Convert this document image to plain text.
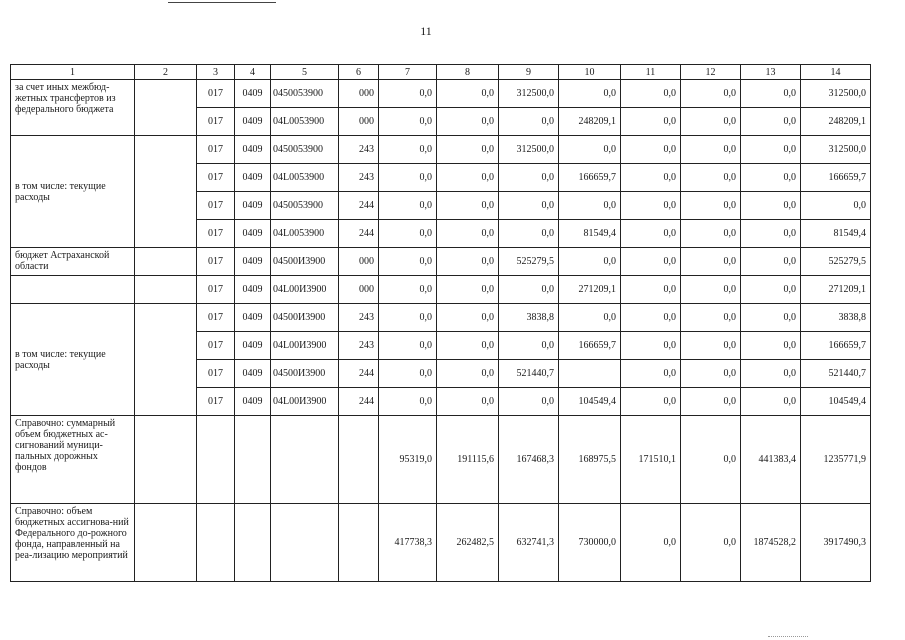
11
1	2	3	4	5	6	7	8	9	10	11	12	13	14
за счет иных межбюд-жетных трансфертов из федерального бюджета		017	0409	0450053900	000	0,0	0,0	312500,0	0,0	0,0	0,0	0,0	312500,0
		017	0409	04L0053900	000	0,0	0,0	0,0	248209,1	0,0	0,0	0,0	248209,1
в том числе: текущие расходы		017	0409	0450053900	243	0,0	0,0	312500,0	0,0	0,0	0,0	0,0	312500,0
		017	0409	04L0053900	243	0,0	0,0	0,0	166659,7	0,0	0,0	0,0	166659,7
		017	0409	0450053900	244	0,0	0,0	0,0	0,0	0,0	0,0	0,0	0,0
		017	0409	04L0053900	244	0,0	0,0	0,0	81549,4	0,0	0,0	0,0	81549,4
бюджет Астраханской области		017	0409	04500И3900	000	0,0	0,0	525279,5	0,0	0,0	0,0	0,0	525279,5
		017	0409	04L00И3900	000	0,0	0,0	0,0	271209,1	0,0	0,0	0,0	271209,1
в том числе: текущие расходы		017	0409	04500И3900	243	0,0	0,0	3838,8	0,0	0,0	0,0	0,0	3838,8
		017	0409	04L00И3900	243	0,0	0,0	0,0	166659,7	0,0	0,0	0,0	166659,7
		017	0409	04500И3900	244	0,0	0,0	521440,7		0,0	0,0	0,0	521440,7
		017	0409	04L00И3900	244	0,0	0,0	0,0	104549,4	0,0	0,0	0,0	104549,4
Справочно: суммарный объем бюджетных ас-сигнований муници-пальных дорожных фондов						95319,0	191115,6	167468,3	168975,5	171510,1	0,0	441383,4	1235771,9
Справочно: объем бюджетных ассигнова-ний Федерального до-рожного фонда, направленный на реа-лизацию мероприятий						417738,3	262482,5	632741,3	730000,0	0,0	0,0	1874528,2	3917490,3
